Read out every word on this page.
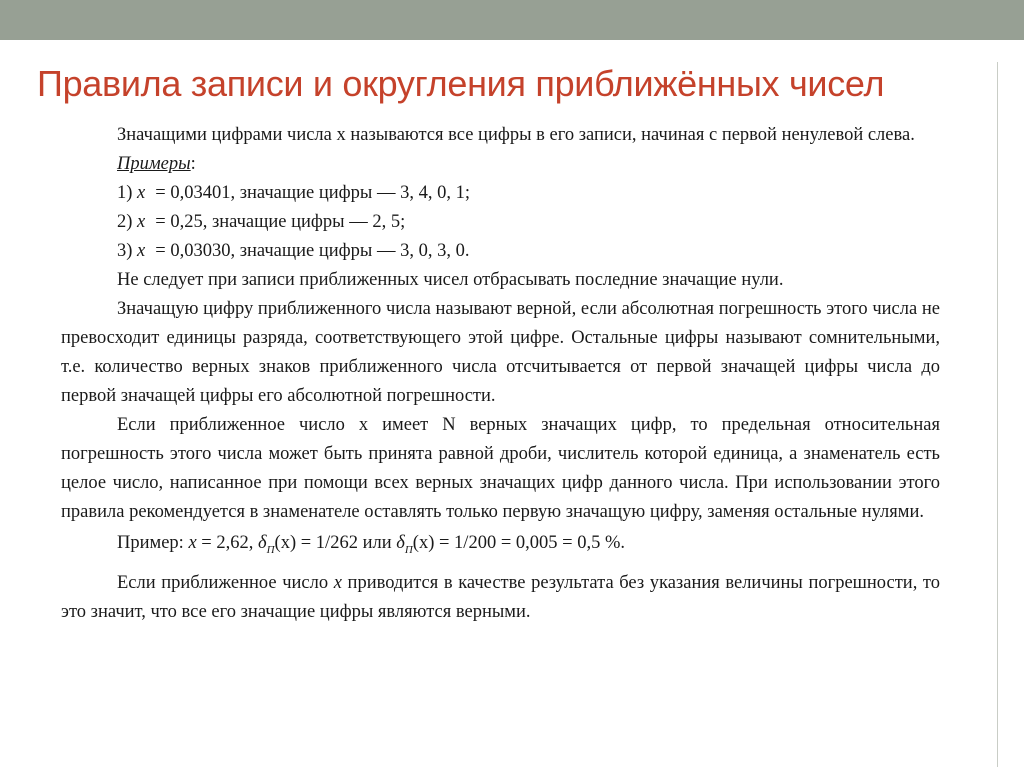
Правила записи и округления приближённых чисел

Значащими цифрами числа х называются все цифры в его записи, начиная с первой ненулевой слева.

Примеры:

1) x = 0,03401, значащие цифры — 3, 4, 0, 1;

2) x = 0,25, значащие цифры — 2, 5;

3) x = 0,03030, значащие цифры — 3, 0, 3, 0.

Не следует при записи приближенных чисел отбрасывать последние значащие нули.

Значащую цифру приближенного числа называют верной, если абсолютная погрешность этого числа не превосходит единицы разряда, соответствующего этой цифре. Остальные цифры называют сомнительными, т.е. количество верных знаков приближенного числа отсчитывается от первой значащей цифры числа до первой значащей цифры его абсолютной погрешности.

Если приближенное число х имеет N верных значащих цифр, то предельная относительная погрешность этого числа может быть принята равной дроби, числитель которой единица, а знаменатель есть целое число, написанное при помощи всех верных значащих цифр данного числа. При использовании этого правила рекомендуется в знаменателе оставлять только первую значащую цифру, заменяя остальные нулями.

Пример: x = 2,62, $\delta_П(x) = 1/262$ или $\delta_П(x) = 1/200 = 0,005 = 0,5$ %.

Если приближенное число x приводится в качестве результата без указания величины погрешности, то это значит, что все его значащие цифры являются верными.
